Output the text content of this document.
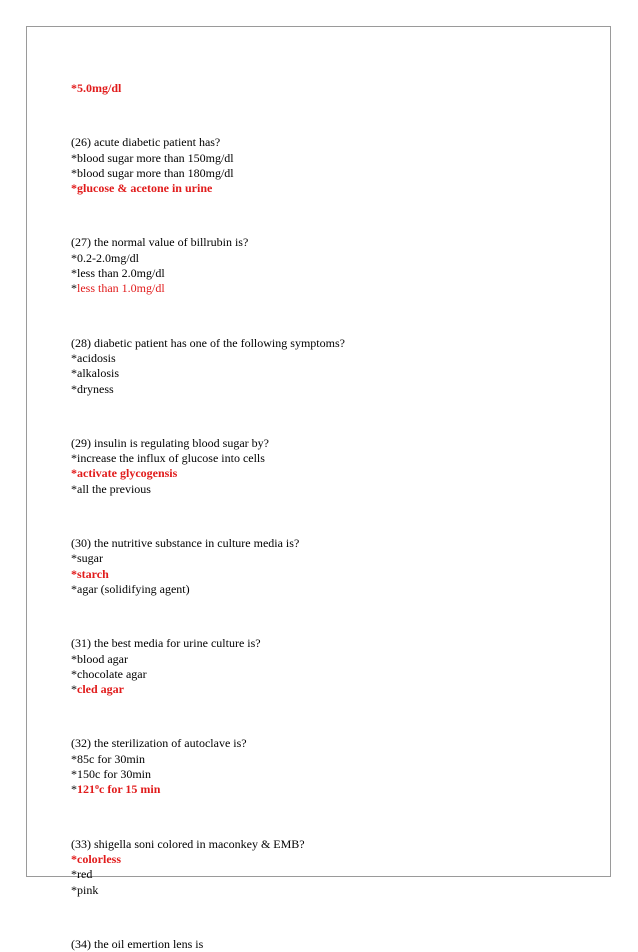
*5.0mg/dl
(26) acute diabetic patient has?
*blood sugar more than 150mg/dl
*blood sugar more than 180mg/dl
*glucose & acetone in urine
(27) the normal value of billrubin is?
*0.2-2.0mg/dl
*less than 2.0mg/dl
*less than 1.0mg/dl
(28) diabetic patient has one of the following symptoms?
*acidosis
*alkalosis
*dryness
(29) insulin is regulating blood sugar by?
*increase the influx of glucose into cells
*activate glycogensis
*all the previous
(30) the nutritive substance in culture media is?
*sugar
*starch
*agar (solidifying agent)
(31) the best media for urine culture is?
*blood agar
*chocolate agar
*cled agar
(32) the sterilization of autoclave is?
*85c for 30min
*150c for 30min
*121$^o$c for 15 min
(33) shigella soni colored in maconkey & EMB?
*colorless
*red
*pink
(34) the oil emertion lens is
